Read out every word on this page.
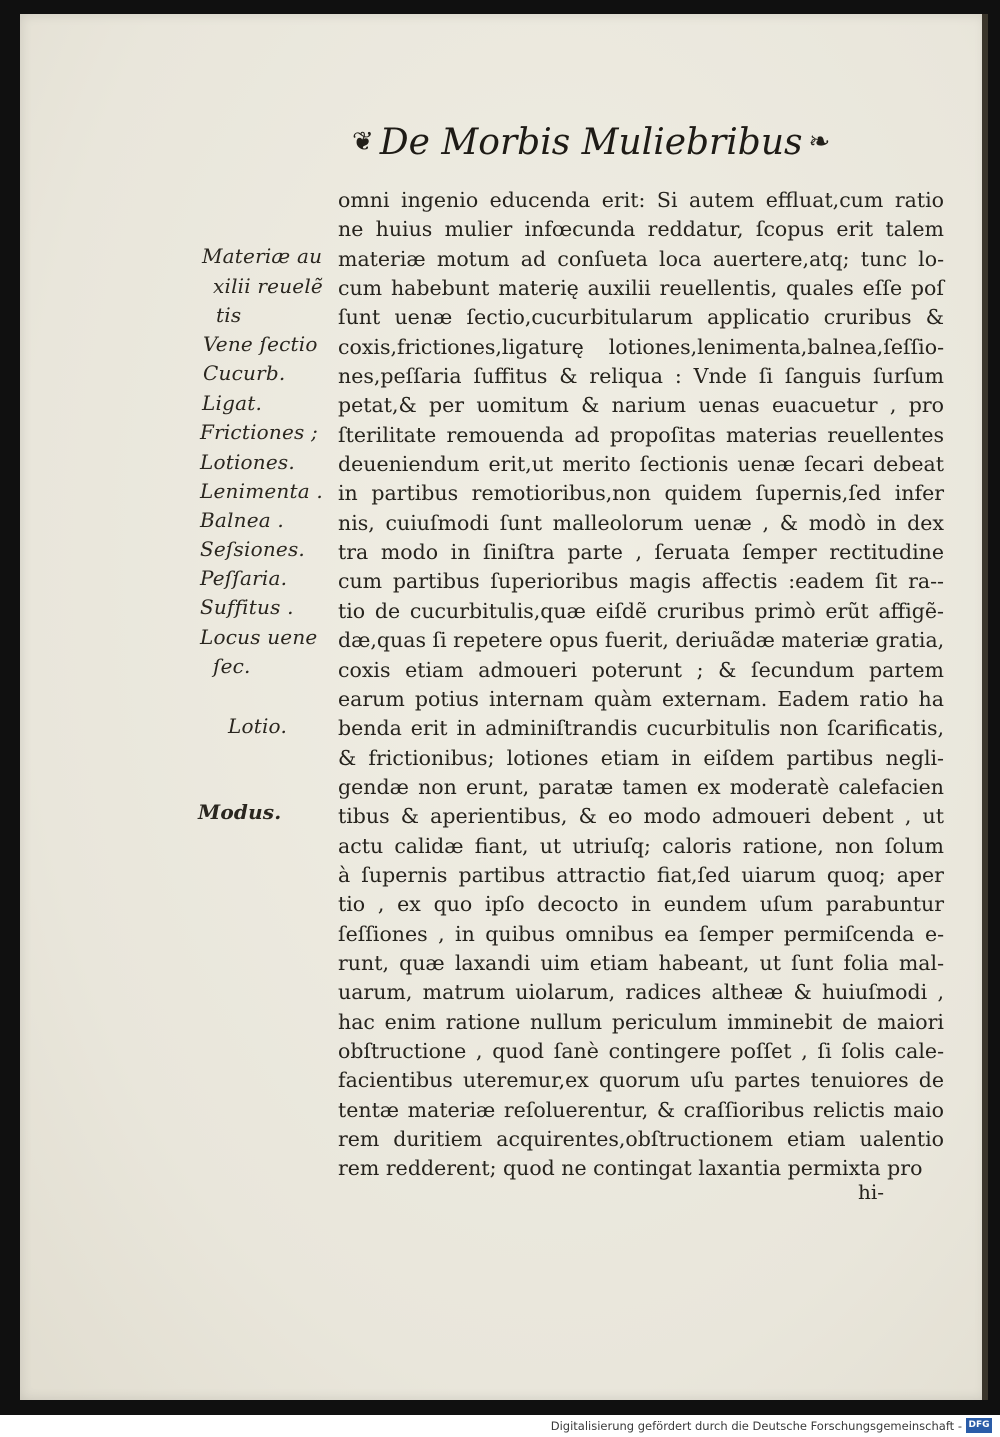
❦ De Morbis Muliebribus ❧
omni ingenio educenda erit: Si autem effluat,cum ratio
ne huius mulier infœcunda reddatur, ſcopus erit talem
materiæ motum ad conſueta loca auertere,atq; tunc lo-
cum habebunt materię auxilii reuellentis, quales eſſe poſ
ſunt uenæ ſectio,cucurbitularum applicatio cruribus &
coxis,frictiones,ligaturę lotiones,lenimenta,balnea,ſeſſio-
nes,peſſaria ſuffitus & reliqua : Vnde ſi ſanguis ſurſum
petat,& per uomitum & narium uenas euacuetur , pro
ſterilitate remouenda ad propoſitas materias reuellentes
deueniendum erit,ut merito ſectionis uenæ ſecari debeat
in partibus remotioribus,non quidem ſupernis,ſed infer
nis, cuiuſmodi ſunt malleolorum uenæ , & modò in dex
tra modo in ſiniſtra parte , ſeruata ſemper rectitudine
cum partibus ſuperioribus magis affectis :eadem ſit ra--
tio de cucurbitulis,quæ eiſdẽ cruribus primò erũt affigẽ-
dæ,quas ſi repetere opus fuerit, deriuãdæ materiæ gratia,
coxis etiam admoueri poterunt ; & ſecundum partem
earum potius internam quàm externam. Eadem ratio ha
benda erit in adminiſtrandis cucurbitulis non ſcarificatis,
& frictionibus; lotiones etiam in eiſdem partibus negli-
gendæ non erunt, paratæ tamen ex moderatè calefacien
tibus & aperientibus, & eo modo admoueri debent , ut
actu calidæ fiant, ut utriuſq; caloris ratione, non ſolum
à ſupernis partibus attractio fiat,ſed uiarum quoq; aper
tio , ex quo ipſo decocto in eundem uſum parabuntur
ſeſſiones , in quibus omnibus ea ſemper permiſcenda e-
runt, quæ laxandi uim etiam habeant, ut ſunt folia mal-
uarum, matrum uiolarum, radices altheæ & huiuſmodi ,
hac enim ratione nullum periculum imminebit de maiori
obſtructione , quod ſanè contingere poſſet , ſi ſolis cale-
facientibus uteremur,ex quorum uſu partes tenuiores de
tentæ materiæ reſoluerentur, & craſſioribus relictis maio
rem duritiem acquirentes,obſtructionem etiam ualentio
rem redderent; quod ne contingat laxantia permixta pro
hi-
Materiæ au
xilii reuelẽ
tis
Vene ſectio
Cucurb.
Ligat.
Frictiones ;
Lotiones.
Lenimenta .
Balnea .
Seſsiones.
Peſſaria.
Suffitus .
Locus uene
ſec.
Lotio.
Modus.
Digitalisierung gefördert durch die Deutsche Forschungsgemeinschaft - DFG
